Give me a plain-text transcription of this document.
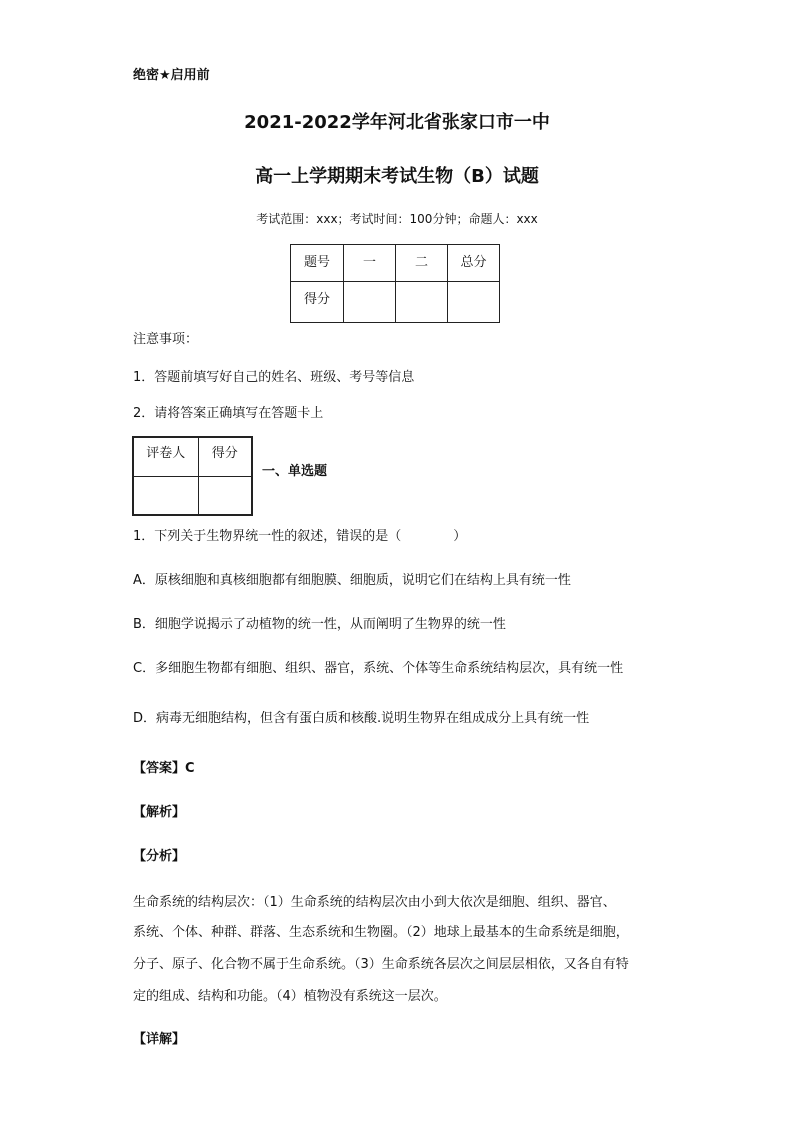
绝密★启用前
2021-2022学年河北省张家口市一中
高一上学期期末考试生物（B）试题
考试范围：xxx；考试时间：100分钟；命题人：xxx
题号	一	二	总分
得分			
注意事项：
1．答题前填写好自己的姓名、班级、考号等信息
2．请将答案正确填写在答题卡上
评卷人	得分

一、单选题
1．下列关于生物界统一性的叙述，错误的是（　　　　）
A．原核细胞和真核细胞都有细胞膜、细胞质，说明它们在结构上具有统一性
B．细胞学说揭示了动植物的统一性，从而阐明了生物界的统一性
C．多细胞生物都有细胞、组织、器官，系统、个体等生命系统结构层次，具有统一性
D．病毒无细胞结构，但含有蛋白质和核酸.说明生物界在组成成分上具有统一性
【答案】C
【解析】
【分析】
生命系统的结构层次：（1）生命系统的结构层次由小到大依次是细胞、组织、器官、
系统、个体、种群、群落、生态系统和生物圈。（2）地球上最基本的生命系统是细胞，
分子、原子、化合物不属于生命系统。（3）生命系统各层次之间层层相依，又各自有特
定的组成、结构和功能。（4）植物没有系统这一层次。
【详解】
